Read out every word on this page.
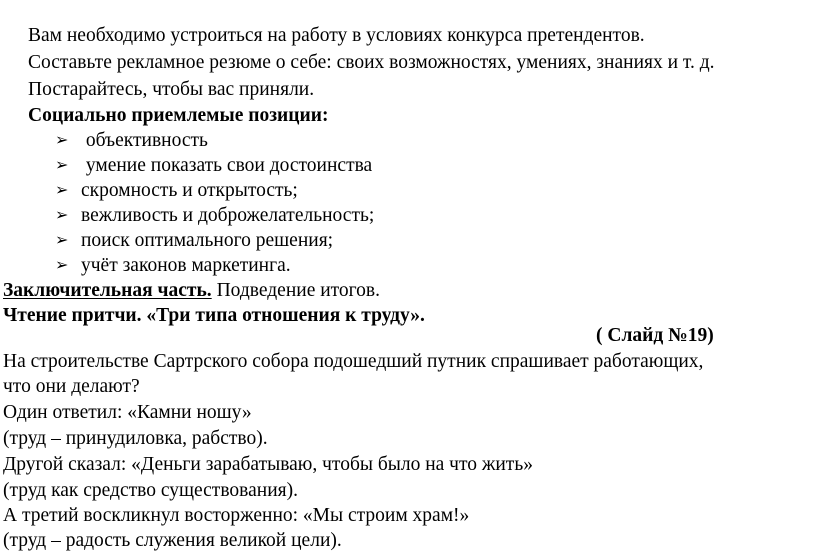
Вам необходимо устроиться на работу в условиях конкурса претендентов.
Составьте рекламное резюме о себе: своих возможностях, умениях, знаниях и т. д.
Постарайтесь, чтобы вас приняли.
Социально приемлемые позиции:
➢ объективность
➢ умение показать свои достоинства
➢ скромность и открытость;
➢ вежливость и доброжелательность;
➢ поиск оптимального решения;
➢ учёт законов маркетинга.
Заключительная часть. Подведение итогов.
Чтение притчи. «Три типа отношения к труду».
( Слайд №19)
На строительстве Сартрского собора подошедший путник спрашивает работающих,
что они делают?
Один ответил: «Камни ношу»
(труд – принудиловка, рабство).
Другой сказал: «Деньги зарабатываю, чтобы было на что жить»
(труд как средство существования).
А третий воскликнул восторженно: «Мы строим храм!»
(труд – радость служения великой цели).
